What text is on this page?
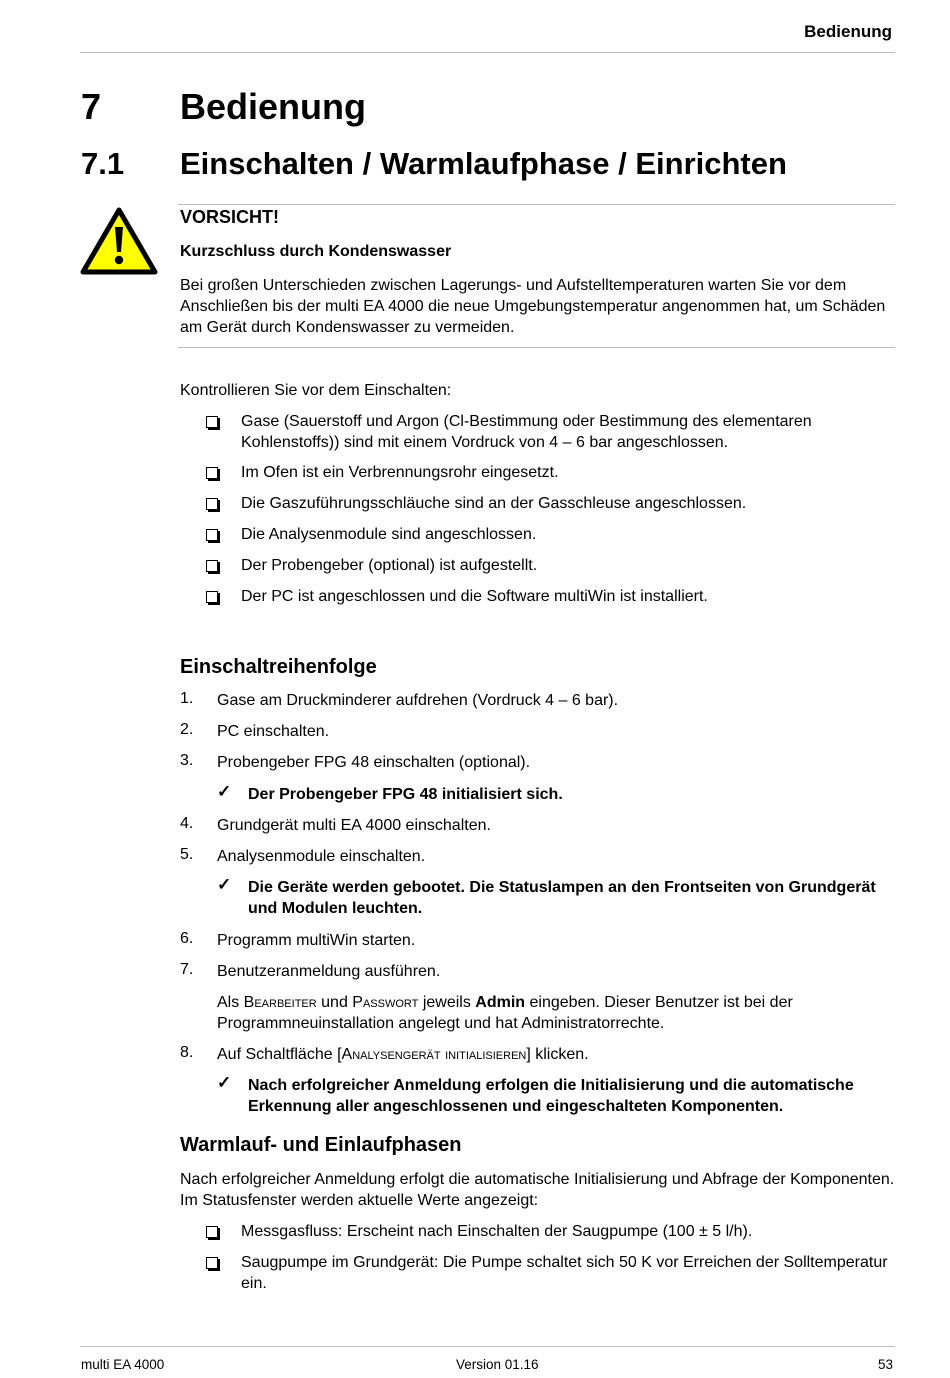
Bedienung
7 Bedienung
7.1 Einschalten / Warmlaufphase / Einrichten
VORSICHT!
Kurzschluss durch Kondenswasser
Bei großen Unterschieden zwischen Lagerungs- und Aufstelltemperaturen warten Sie vor dem Anschließen bis der multi EA 4000 die neue Umgebungstemperatur angenommen hat, um Schäden am Gerät durch Kondenswasser zu vermeiden.
Kontrollieren Sie vor dem Einschalten:
Gase (Sauerstoff und Argon (Cl-Bestimmung oder Bestimmung des elementaren Kohlenstoffs)) sind mit einem Vordruck von 4 – 6 bar angeschlossen.
Im Ofen ist ein Verbrennungsrohr eingesetzt.
Die Gaszuführungsschläuche sind an der Gasschleuse angeschlossen.
Die Analysenmodule sind angeschlossen.
Der Probengeber (optional) ist aufgestellt.
Der PC ist angeschlossen und die Software multiWin ist installiert.
Einschaltreihenfolge
1. Gase am Druckminderer aufdrehen (Vordruck 4 – 6 bar).
2. PC einschalten.
3. Probengeber FPG 48 einschalten (optional).
✓ Der Probengeber FPG 48 initialisiert sich.
4. Grundgerät multi EA 4000 einschalten.
5. Analysenmodule einschalten.
✓ Die Geräte werden gebootet. Die Statuslampen an den Frontseiten von Grundgerät und Modulen leuchten.
6. Programm multiWin starten.
7. Benutzeranmeldung ausführen.
Als Bearbeiter und Passwort jeweils Admin eingeben. Dieser Benutzer ist bei der Programmneuinstallation angelegt und hat Administratorrechte.
8. Auf Schaltfläche [Analysengerät initialisieren] klicken.
✓ Nach erfolgreicher Anmeldung erfolgen die Initialisierung und die automatische Erkennung aller angeschlossenen und eingeschalteten Komponenten.
Warmlauf- und Einlaufphasen
Nach erfolgreicher Anmeldung erfolgt die automatische Initialisierung und Abfrage der Komponenten. Im Statusfenster werden aktuelle Werte angezeigt:
Messgasfluss: Erscheint nach Einschalten der Saugpumpe (100 ± 5 l/h).
Saugpumpe im Grundgerät: Die Pumpe schaltet sich 50 K vor Erreichen der Solltemperatur ein.
multi EA 4000	Version 01.16	53
